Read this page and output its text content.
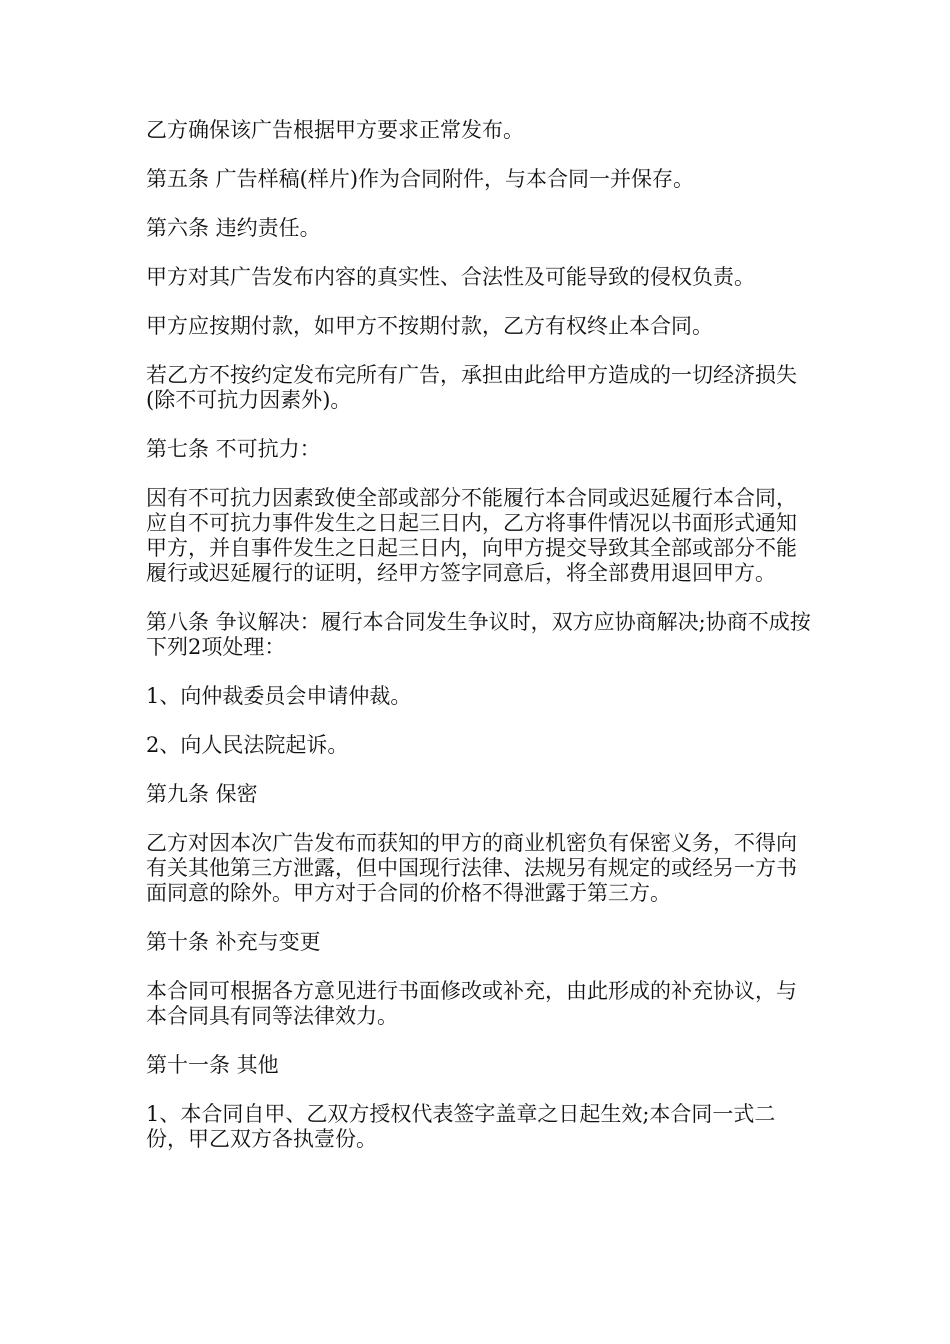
乙方确保该广告根据甲方要求正常发布。

第五条 广告样稿(样片)作为合同附件，与本合同一并保存。

第六条 违约责任。

甲方对其广告发布内容的真实性、合法性及可能导致的侵权负责。

甲方应按期付款，如甲方不按期付款，乙方有权终止本合同。

若乙方不按约定发布完所有广告，承担由此给甲方造成的一切经济损失(除不可抗力因素外)。

第七条 不可抗力：

因有不可抗力因素致使全部或部分不能履行本合同或迟延履行本合同，应自不可抗力事件发生之日起三日内，乙方将事件情况以书面形式通知甲方，并自事件发生之日起三日内，向甲方提交导致其全部或部分不能履行或迟延履行的证明，经甲方签字同意后，将全部费用退回甲方。

第八条 争议解决：履行本合同发生争议时，双方应协商解决;协商不成按下列2项处理：

1、向仲裁委员会申请仲裁。

2、向人民法院起诉。

第九条 保密

乙方对因本次广告发布而获知的甲方的商业机密负有保密义务，不得向有关其他第三方泄露，但中国现行法律、法规另有规定的或经另一方书面同意的除外。甲方对于合同的价格不得泄露于第三方。

第十条 补充与变更

本合同可根据各方意见进行书面修改或补充，由此形成的补充协议，与本合同具有同等法律效力。

第十一条 其他

1、本合同自甲、乙双方授权代表签字盖章之日起生效;本合同一式二份，甲乙双方各执壹份。
